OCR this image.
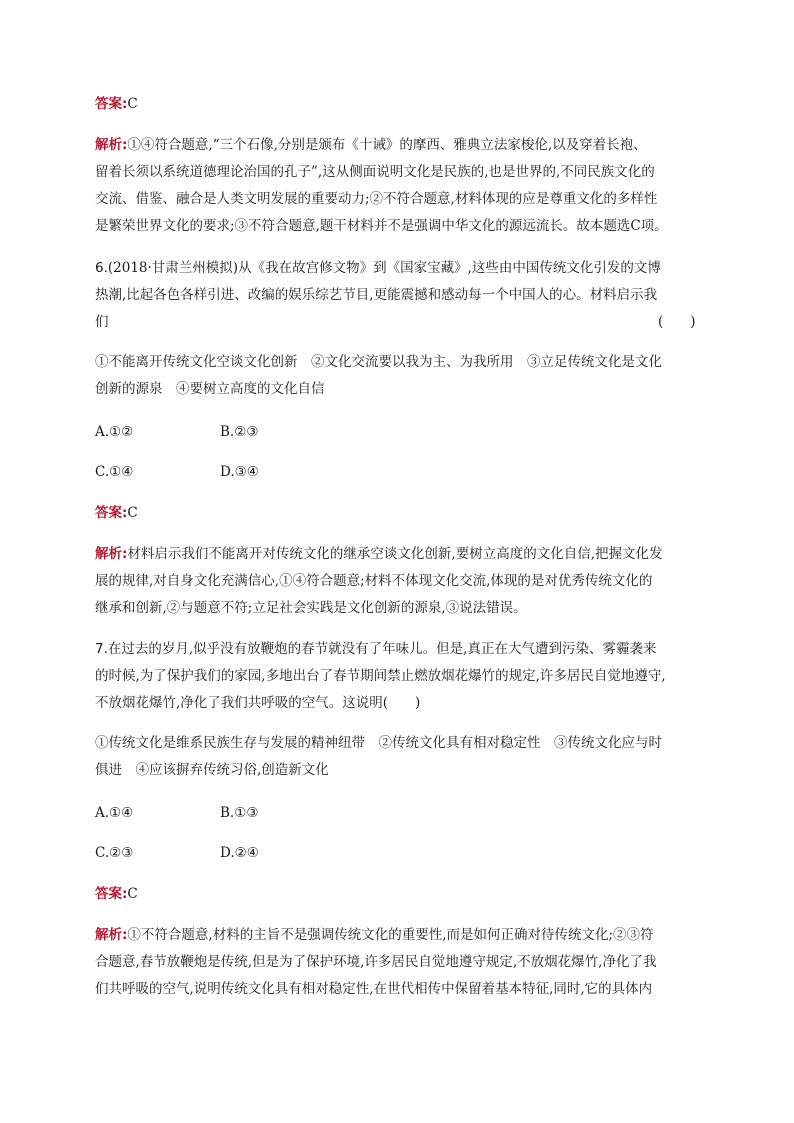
答案:C
解析:①④符合题意,“三个石像,分别是颁布《十诫》的摩西、雅典立法家梭伦,以及穿着长袍、
留着长须以系统道德理论治国的孔子”,这从侧面说明文化是民族的,也是世界的,不同民族文化的
交流、借鉴、融合是人类文明发展的重要动力;②不符合题意,材料体现的应是尊重文化的多样性
是繁荣世界文化的要求;③不符合题意,题干材料并不是强调中华文化的源远流长。故本题选C项。
6.(2018·甘肃兰州模拟)从《我在故宫修文物》到《国家宝藏》,这些由中国传统文化引发的文博
热潮,比起各色各样引进、改编的娱乐综艺节目,更能震撼和感动每一个中国人的心。材料启示我
们	(　　)
①不能离开传统文化空谈文化创新　②文化交流要以我为主、为我所用　③立足传统文化是文化
创新的源泉　④要树立高度的文化自信
A.①②	B.②③
C.①④	D.③④
答案:C
解析:材料启示我们不能离开对传统文化的继承空谈文化创新,要树立高度的文化自信,把握文化发
展的规律,对自身文化充满信心,①④符合题意;材料不体现文化交流,体现的是对优秀传统文化的
继承和创新,②与题意不符;立足社会实践是文化创新的源泉,③说法错误。
7.在过去的岁月,似乎没有放鞭炮的春节就没有了年味儿。但是,真正在大气遭到污染、雾霾袭来
的时候,为了保护我们的家园,多地出台了春节期间禁止燃放烟花爆竹的规定,许多居民自觉地遵守,
不放烟花爆竹,净化了我们共呼吸的空气。这说明(　　)
①传统文化是维系民族生存与发展的精神纽带　②传统文化具有相对稳定性　③传统文化应与时
俱进　④应该摒弃传统习俗,创造新文化
A.①④	B.①③
C.②③	D.②④
答案:C
解析:①不符合题意,材料的主旨不是强调传统文化的重要性,而是如何正确对待传统文化;②③符
合题意,春节放鞭炮是传统,但是为了保护环境,许多居民自觉地遵守规定,不放烟花爆竹,净化了我
们共呼吸的空气,说明传统文化具有相对稳定性,在世代相传中保留着基本特征,同时,它的具体内
